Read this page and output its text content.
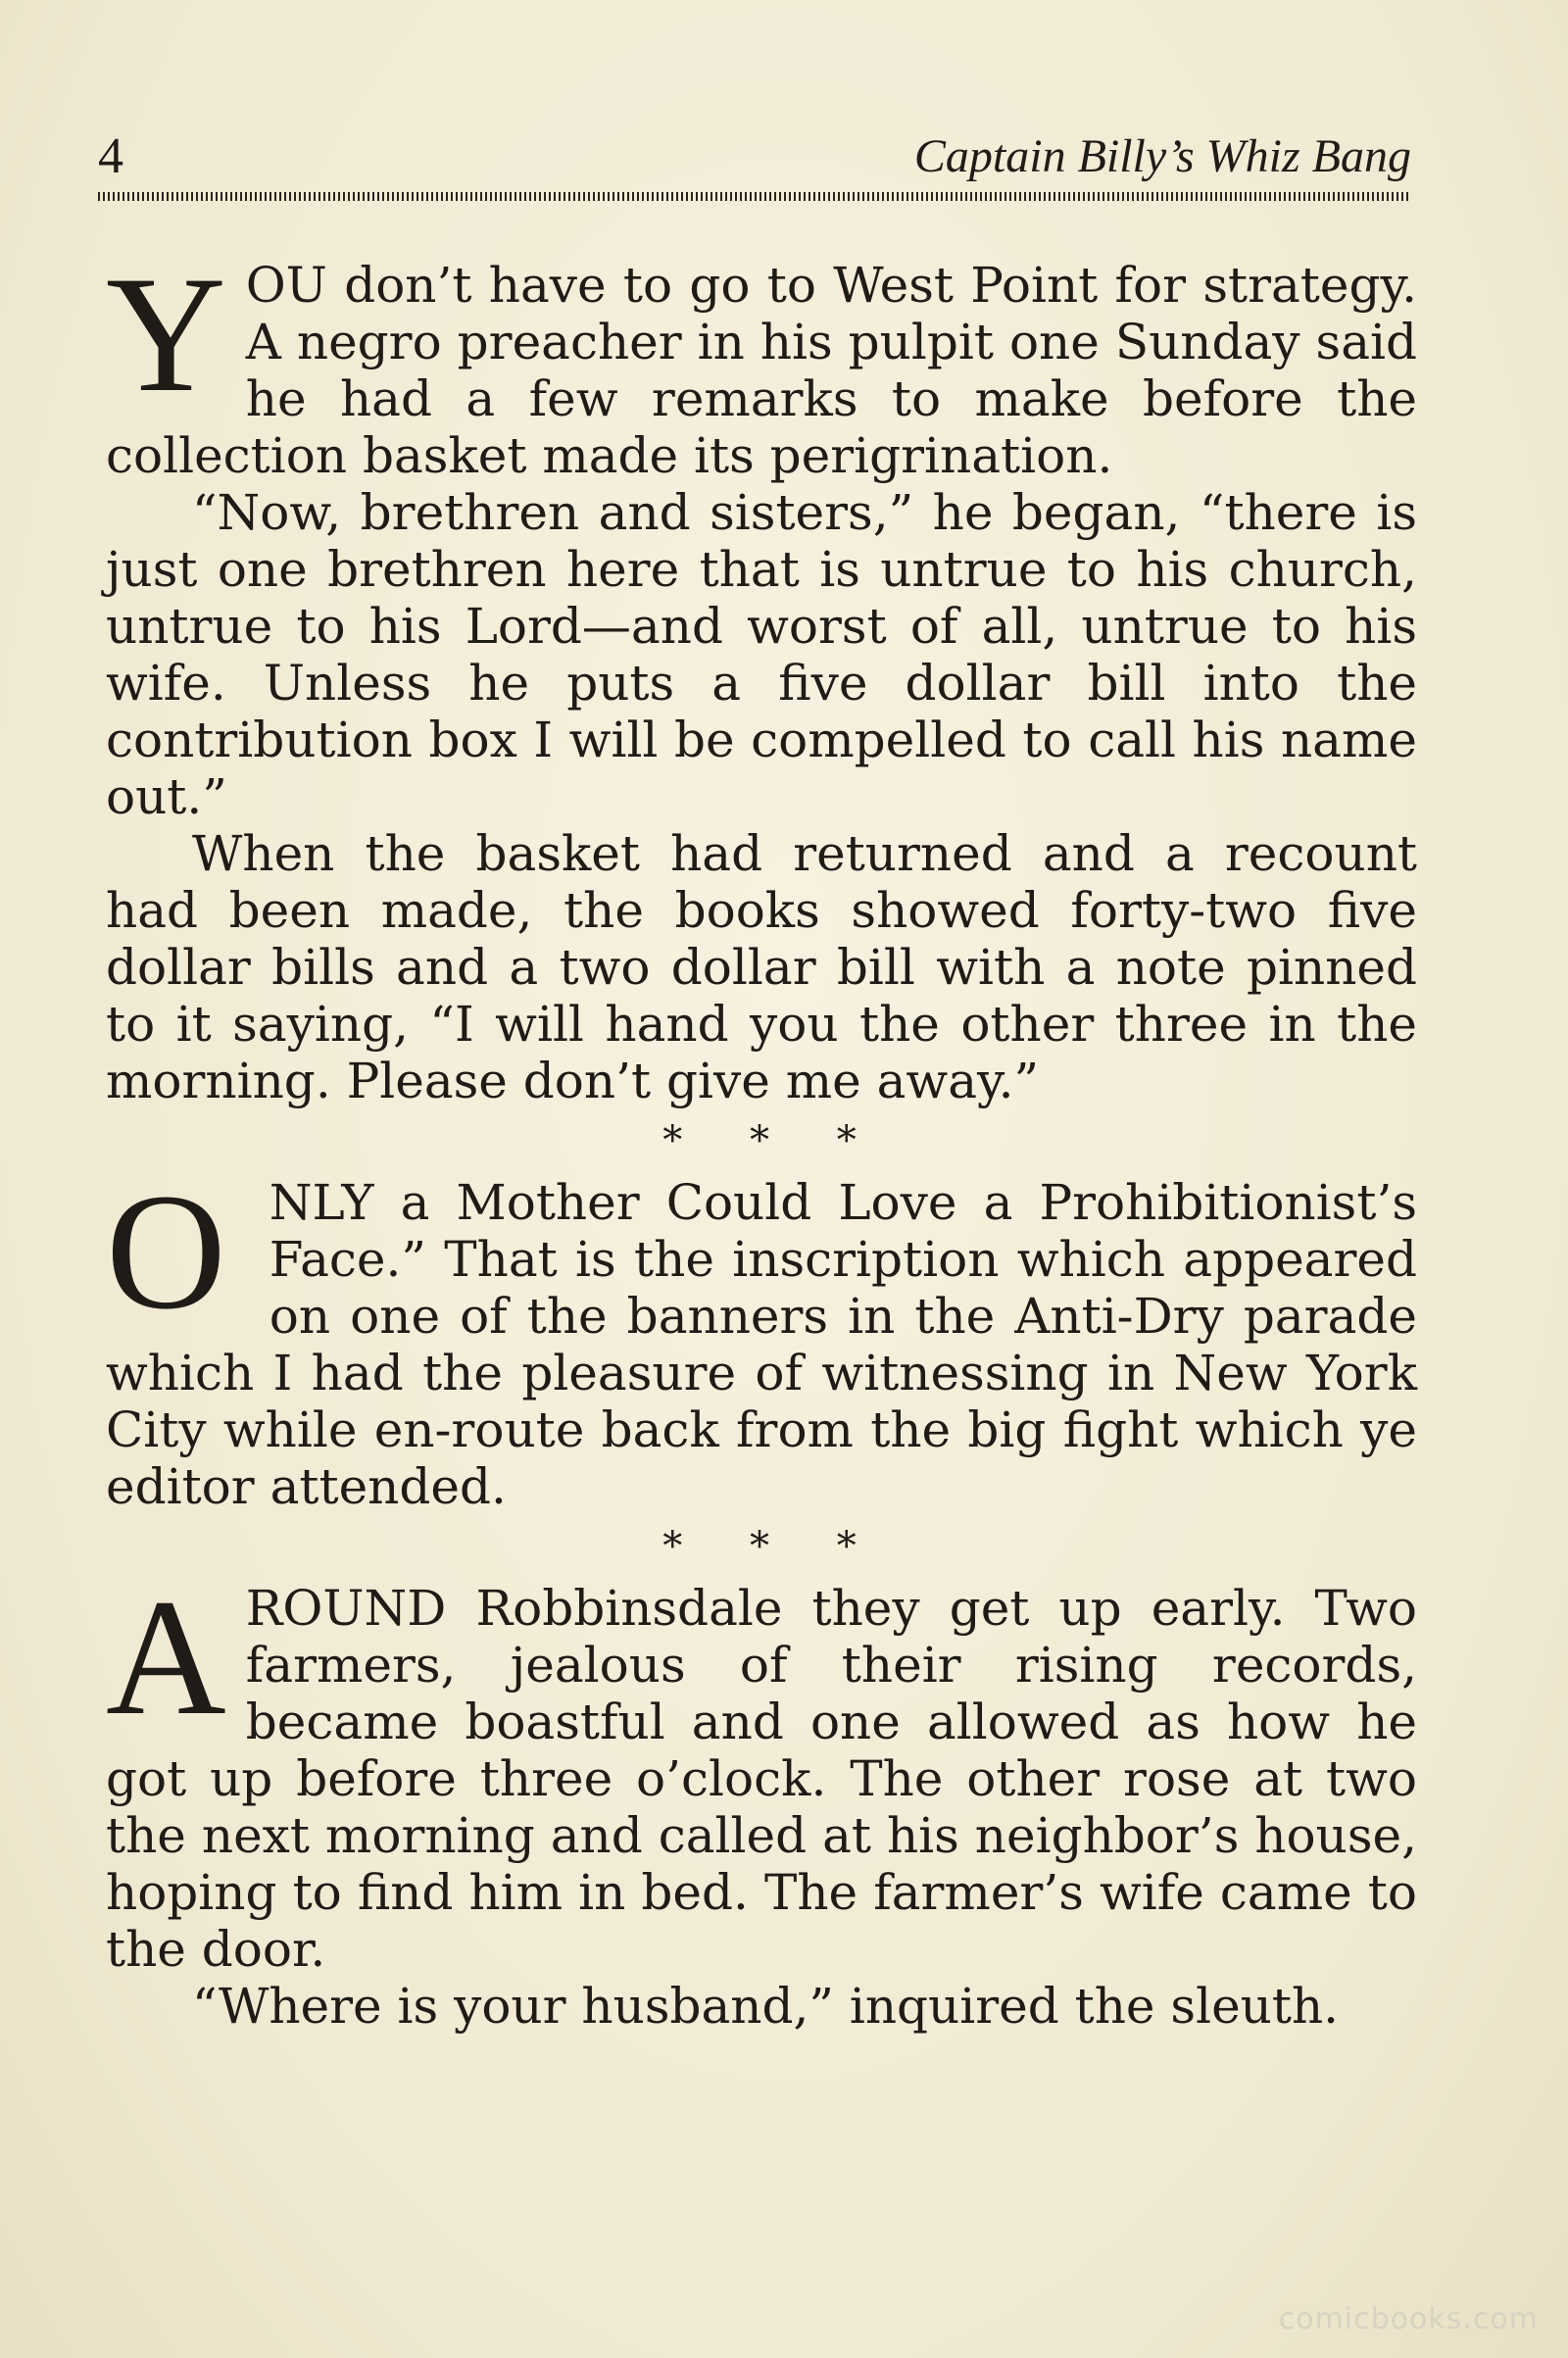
4	Captain Billy’s Whiz Bang

YOU don’t have to go to West Point for strategy. A negro preacher in his pulpit one Sunday said he had a few remarks to make before the collection basket made its perigrination.

“Now, brethren and sisters,” he began, “there is just one brethren here that is untrue to his church, untrue to his Lord—and worst of all, untrue to his wife. Unless he puts a five dollar bill into the contribution box I will be compelled to call his name out.”

When the basket had returned and a recount had been made, the books showed forty-two five dollar bills and a two dollar bill with a note pinned to it saying, “I will hand you the other three in the morning. Please don’t give me away.”

* * *

ONLY a Mother Could Love a Prohibitionist’s Face.” That is the inscription which appeared on one of the banners in the Anti-Dry parade which I had the pleasure of witnessing in New York City while en-route back from the big fight which ye editor attended.

* * *

AROUND Robbinsdale they get up early. Two farmers, jealous of their rising records, became boastful and one allowed as how he got up before three o’clock. The other rose at two the next morning and called at his neighbor’s house, hoping to find him in bed. The farmer’s wife came to the door.

“Where is your husband,” inquired the sleuth.

comicbooks.com
